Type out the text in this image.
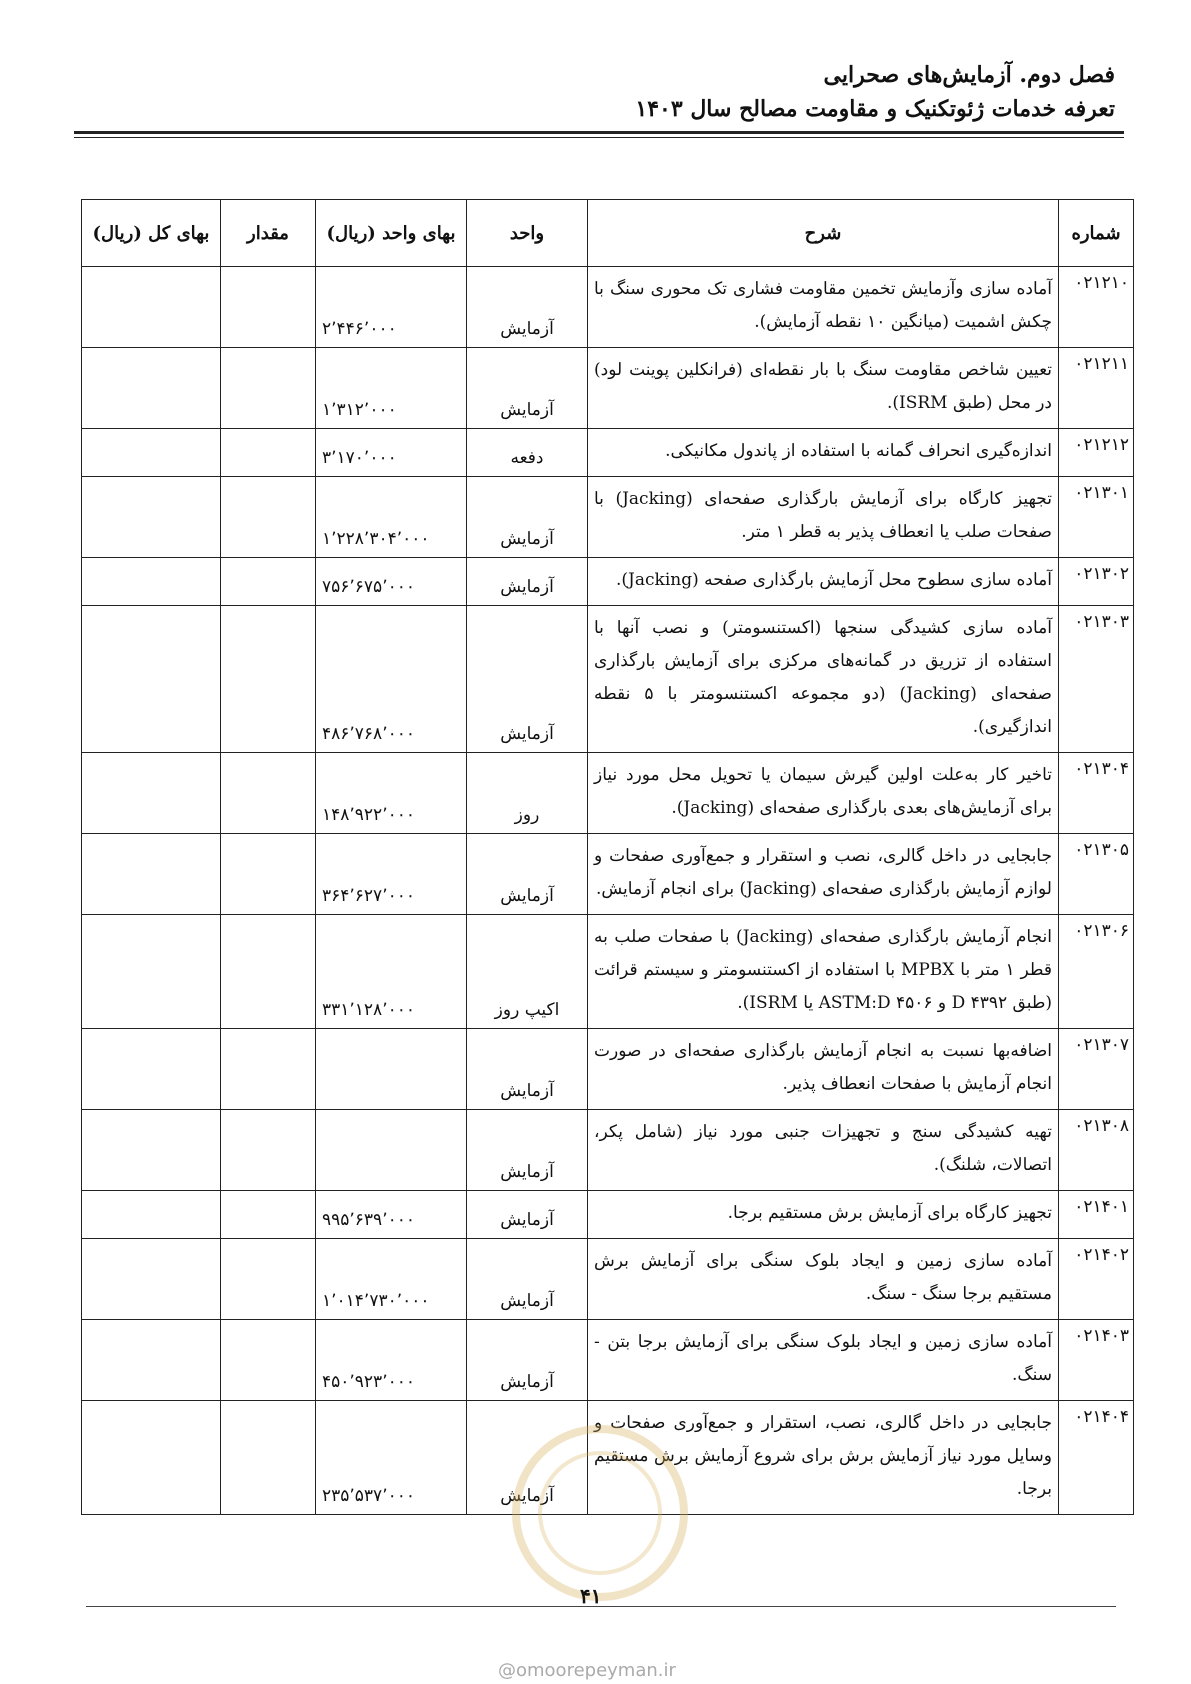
فصل دوم. آزمایش‌های صحرایی
تعرفه خدمات ژئوتکنیک و مقاومت مصالح سال ۱۴۰۳
شماره	شرح	واحد	بهای واحد (ریال)	مقدار	بهای کل (ریال)
۰۲۱۲۱۰	آماده سازی وآزمایش تخمین مقاومت فشاری تک محوری سنگ با چکش اشمیت (میانگین ۱۰ نقطه آزمایش).	آزمایش	۲٬۴۴۶٬۰۰۰		
۰۲۱۲۱۱	تعیین شاخص مقاومت سنگ با بار نقطه‌ای (فرانکلین پوینت لود) در محل (طبق ISRM).	آزمایش	۱٬۳۱۲٬۰۰۰		
۰۲۱۲۱۲	اندازه‌گیری انحراف گمانه با استفاده از پاندول مکانیکی.	دفعه	۳٬۱۷۰٬۰۰۰		
۰۲۱۳۰۱	تجهیز کارگاه برای آزمایش بارگذاری صفحه‌ای (Jacking) با صفحات صلب یا انعطاف پذیر به قطر ۱ متر.	آزمایش	۱٬۲۲۸٬۳۰۴٬۰۰۰		
۰۲۱۳۰۲	آماده سازی سطوح محل آزمایش بارگذاری صفحه (Jacking).	آزمایش	۷۵۶٬۶۷۵٬۰۰۰		
۰۲۱۳۰۳	آماده سازی کشیدگی سنجها (اکستنسومتر) و نصب آنها با استفاده از تزریق در گمانه‌های مرکزی برای آزمایش بارگذاری صفحه‌ای (Jacking) (دو مجموعه اکستنسومتر با ۵ نقطه اندازگیری).	آزمایش	۴۸۶٬۷۶۸٬۰۰۰		
۰۲۱۳۰۴	تاخیر کار به‌علت اولین گیرش سیمان یا تحویل محل مورد نیاز برای آزمایش‌های بعدی بارگذاری صفحه‌ای (Jacking).	روز	۱۴۸٬۹۲۲٬۰۰۰		
۰۲۱۳۰۵	جابجایی در داخل گالری، نصب و استقرار و جمع‌آوری صفحات و لوازم آزمایش بارگذاری صفحه‌ای (Jacking) برای انجام آزمایش.	آزمایش	۳۶۴٬۶۲۷٬۰۰۰		
۰۲۱۳۰۶	انجام آزمایش بارگذاری صفحه‌ای (Jacking) با صفحات صلب به قطر ۱ متر با MPBX با استفاده از اکستنسومتر و سیستم قرائت (طبق D ۴۳۹۲ و ASTM:D ۴۵۰۶ یا ISRM).	اکیپ روز	۳۳۱٬۱۲۸٬۰۰۰		
۰۲۱۳۰۷	اضافه‌بها نسبت به انجام آزمایش بارگذاری صفحه‌ای در صورت انجام آزمایش با صفحات انعطاف پذیر.	آزمایش			
۰۲۱۳۰۸	تهیه کشیدگی سنج و تجهیزات جنبی مورد نیاز (شامل پکر، اتصالات، شلنگ).	آزمایش			
۰۲۱۴۰۱	تجهیز کارگاه برای آزمایش برش مستقیم برجا.	آزمایش	۹۹۵٬۶۳۹٬۰۰۰		
۰۲۱۴۰۲	آماده سازی زمین و ایجاد بلوک سنگی برای آزمایش برش مستقیم برجا سنگ - سنگ.	آزمایش	۱٬۰۱۴٬۷۳۰٬۰۰۰		
۰۲۱۴۰۳	آماده سازی زمین و ایجاد بلوک سنگی برای آزمایش برجا بتن - سنگ.	آزمایش	۴۵۰٬۹۲۳٬۰۰۰		
۰۲۱۴۰۴	جابجایی در داخل گالری، نصب، استقرار و جمع‌آوری صفحات و وسایل مورد نیاز آزمایش برش برای شروع آزمایش برش مستقیم برجا.	آزمایش	۲۳۵٬۵۳۷٬۰۰۰		
۴۱
@omoorepeyman.ir
